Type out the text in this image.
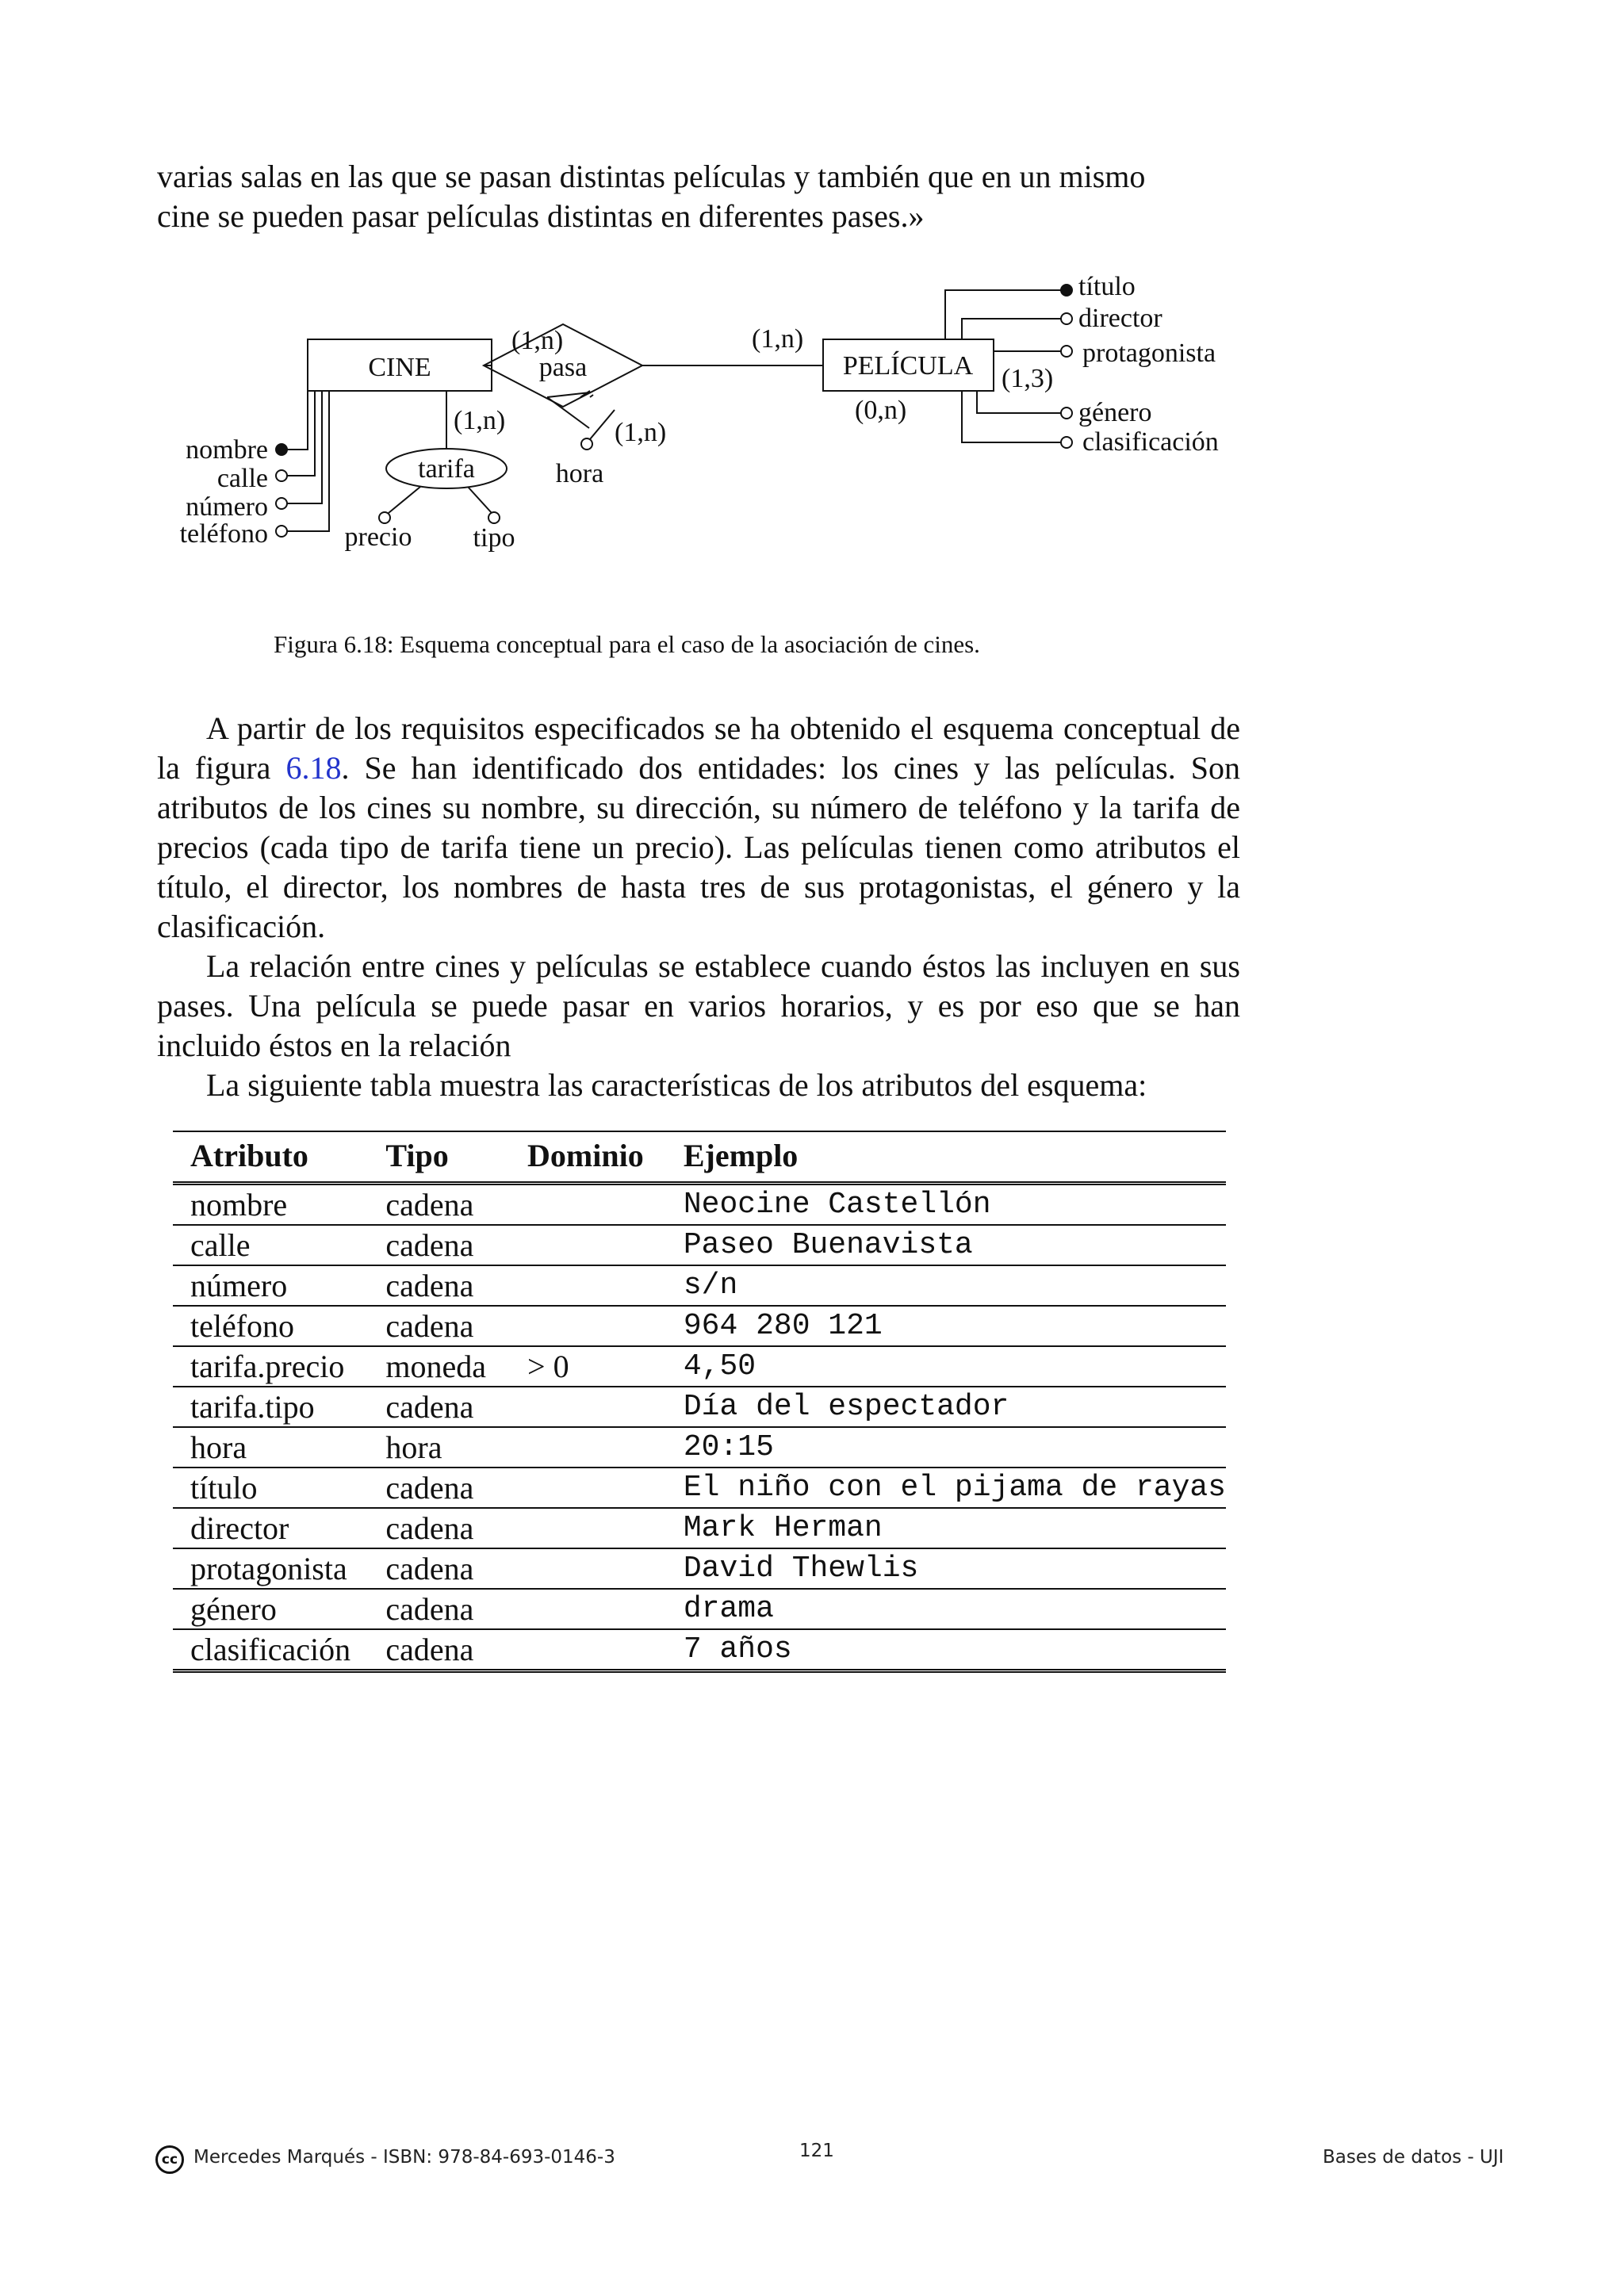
varias salas en las que se pasan distintas películas y también que en un mismo

cine se pueden pasar películas distintas en diferentes pases.»

CINE	PELÍCULA
pasa
tarifa
(1,n)	(1,n)
(1,n)	(1,n)
(0,n)
(1,3)
nombre
calle
número
teléfono	precio tipo
hora
título
director
protagonista
género
clasificación
Figura 6.18: Esquema conceptual para el caso de la asociación de cines.

A partir de los requisitos especificados se ha obtenido el esquema conceptual de la figura 6.18. Se han identificado dos entidades: los cines y las películas. Son atributos de los cines su nombre, su dirección, su número de teléfono y la tarifa de precios (cada tipo de tarifa tiene un precio). Las películas tienen como atributos el título, el director, los nombres de hasta tres de sus protagonistas, el género y la clasificación.

La relación entre cines y películas se establece cuando éstos las incluyen en sus pases. Una película se puede pasar en varios horarios, y es por eso que se han incluido éstos en la relación

La siguiente tabla muestra las características de los atributos del esquema:

Atributo	Tipo	Dominio	Ejemplo
nombre	cadena		Neocine Castellón
calle	cadena		Paseo Buenavista
número	cadena		s/n
teléfono	cadena		964 280 121
tarifa.precio	moneda	> 0	4,50
tarifa.tipo	cadena		Día del espectador
hora	hora		20:15
título	cadena		El niño con el pijama de rayas
director	cadena		Mark Herman
protagonista	cadena		David Thewlis
género	cadena		drama
clasificación	cadena		7 años
cc Mercedes Marqués - ISBN: 978-84-693-0146-3	121	Bases de datos - UJI
